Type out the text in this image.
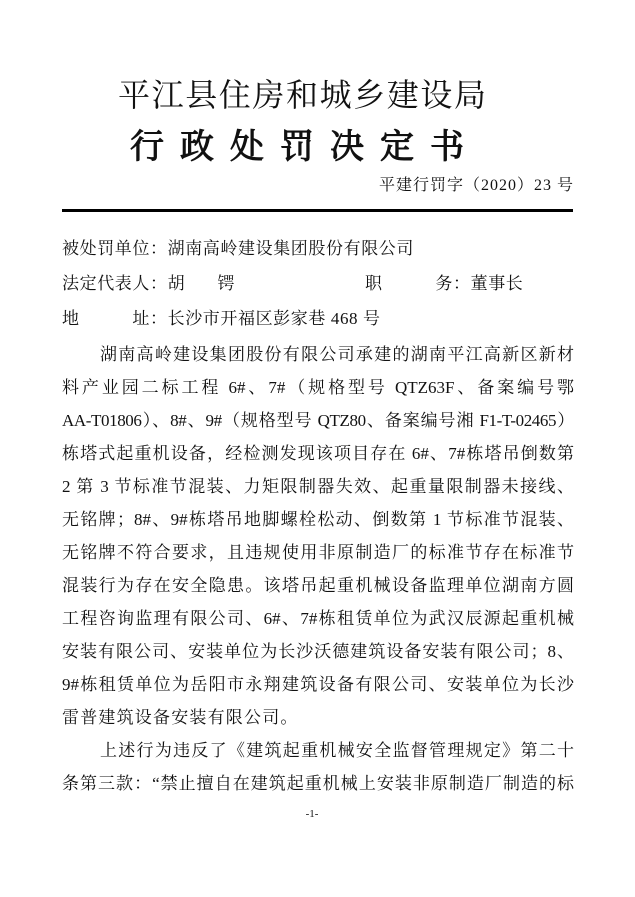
平江县住房和城乡建设局
行政处罚决定书
平建行罚字（2020）23 号
被处罚单位：湖南高岭建设集团股份有限公司
法定代表人：胡　锷	职　　　务：董事长
地　　　址：长沙市开福区彭家巷 468 号
湖南高岭建设集团股份有限公司承建的湖南平江高新区新材
料产业园二标工程 6#、7#（规格型号 QTZ63F、备案编号鄂
AA-T01806）、8#、9#（规格型号 QTZ80、备案编号湘 F1-T-02465）
栋塔式起重机设备，经检测发现该项目存在 6#、7#栋塔吊倒数第
2 第 3 节标准节混装、力矩限制器失效、起重量限制器未接线、
无铭牌；8#、9#栋塔吊地脚螺栓松动、倒数第 1 节标准节混装、
无铭牌不符合要求，且违规使用非原制造厂的标准节存在标准节
混装行为存在安全隐患。该塔吊起重机械设备监理单位湖南方圆
工程咨询监理有限公司、6#、7#栋租赁单位为武汉辰源起重机械
安装有限公司、安装单位为长沙沃德建筑设备安装有限公司；8、
9#栋租赁单位为岳阳市永翔建筑设备有限公司、安装单位为长沙
雷普建筑设备安装有限公司。
上述行为违反了《建筑起重机械安全监督管理规定》第二十
条第三款：“禁止擅自在建筑起重机械上安装非原制造厂制造的标
-1-
